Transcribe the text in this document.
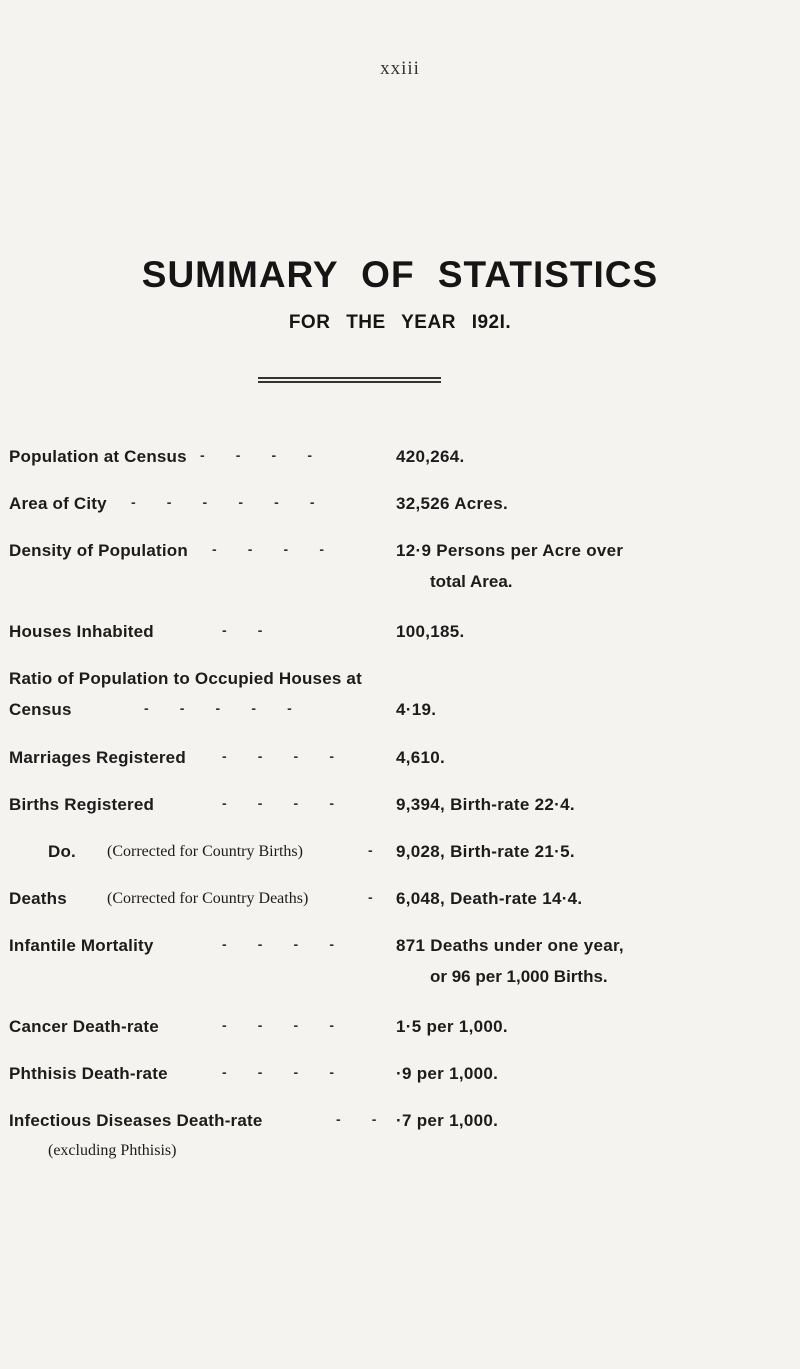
xxiii
SUMMARY OF STATISTICS
FOR THE YEAR I92I.
Population at Census -        -        -        -	420,264.
Area of City -        -        -        -        -        -	32,526 Acres.
Density of Population -        -        -        -	12·9 Persons per Acre over
total Area.
Houses Inhabited	-        -	100,185.
Ratio of Population to Occupied Houses at
Census	-        -        -        -        -	4·19.
Marriages Registered	-        -        -        -	4,610.
Births Registered	-        -        -        -	9,394, Birth-rate 22·4.
Do. (Corrected for Country Births)	- 9,028, Birth-rate 21·5.
Deaths	(Corrected for Country Deaths)	- 6,048, Death-rate 14·4.
Infantile Mortality	-        -        -        -	871 Deaths under one year,
or 96 per 1,000 Births.
Cancer Death-rate	-        -        -        -	1·5 per 1,000.
Phthisis Death-rate	-        -        -        -	·9 per 1,000.
Infectious Diseases Death-rate	-        - ·7 per 1,000.
(excluding Phthisis)
